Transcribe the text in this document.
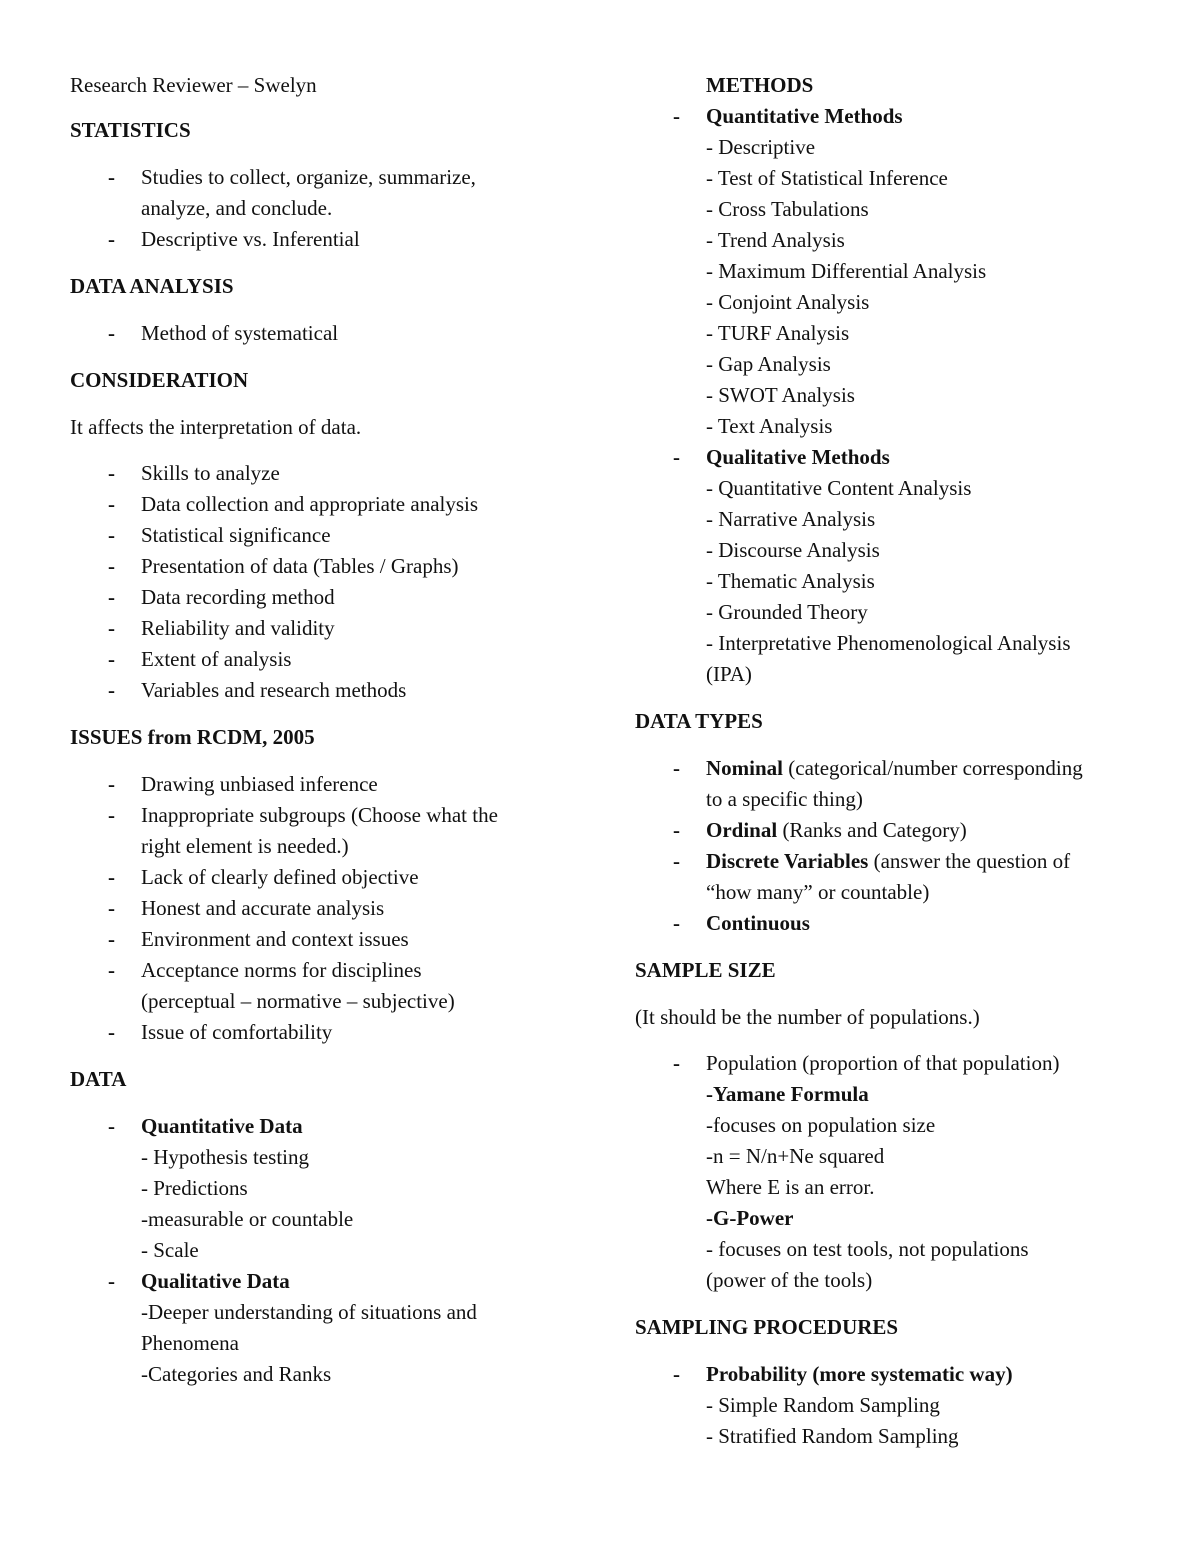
Research Reviewer – Swelyn
STATISTICS
- Studies to collect, organize, summarize,
analyze, and conclude.
- Descriptive vs. Inferential
DATA ANALYSIS
- Method of systematical
CONSIDERATION
It affects the interpretation of data.
- Skills to analyze
- Data collection and appropriate analysis
- Statistical significance
- Presentation of data (Tables / Graphs)
- Data recording method
- Reliability and validity
- Extent of analysis
- Variables and research methods
ISSUES from RCDM, 2005
- Drawing unbiased inference
- Inappropriate subgroups (Choose what the
right element is needed.)
- Lack of clearly defined objective
- Honest and accurate analysis
- Environment and context issues
- Acceptance norms for disciplines
(perceptual – normative – subjective)
- Issue of comfortability
DATA
- Quantitative Data
- Hypothesis testing
- Predictions
-measurable or countable
- Scale
- Qualitative Data
-Deeper understanding of situations and
Phenomena
-Categories and Ranks
METHODS
- Quantitative Methods
- Descriptive
- Test of Statistical Inference
- Cross Tabulations
- Trend Analysis
- Maximum Differential Analysis
- Conjoint Analysis
- TURF Analysis
- Gap Analysis
- SWOT Analysis
- Text Analysis
- Qualitative Methods
- Quantitative Content Analysis
- Narrative Analysis
- Discourse Analysis
- Thematic Analysis
- Grounded Theory
- Interpretative Phenomenological Analysis
(IPA)
DATA TYPES
- Nominal (categorical/number corresponding
to a specific thing)
- Ordinal (Ranks and Category)
- Discrete Variables (answer the question of
“how many” or countable)
- Continuous
SAMPLE SIZE
(It should be the number of populations.)
- Population (proportion of that population)
-Yamane Formula
-focuses on population size
-n = N/n+Ne squared
Where E is an error.
-G-Power
- focuses on test tools, not populations
(power of the tools)
SAMPLING PROCEDURES
- Probability (more systematic way)
- Simple Random Sampling
- Stratified Random Sampling
